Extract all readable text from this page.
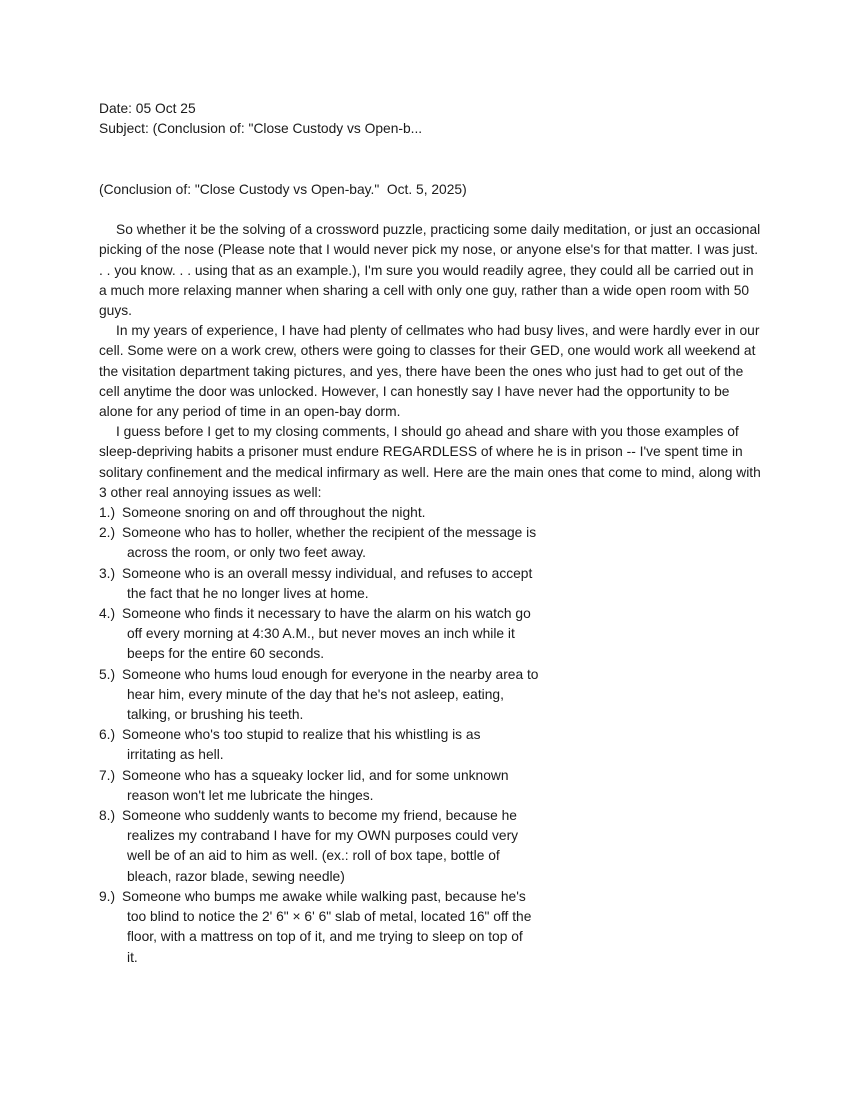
Date: 05 Oct 25
Subject: (Conclusion of: "Close Custody vs Open-b...
(Conclusion of: "Close Custody vs Open-bay."  Oct. 5, 2025)

So whether it be the solving of a crossword puzzle, practicing some daily meditation, or just an occasional picking of the nose (Please note that I would never pick my nose, or anyone else's for that matter. I was just. . . you know. . . using that as an example.), I'm sure you would readily agree, they could all be carried out in a much more relaxing manner when sharing a cell with only one guy, rather than a wide open room with 50 guys.

In my years of experience, I have had plenty of cellmates who had busy lives, and were hardly ever in our cell. Some were on a work crew, others were going to classes for their GED, one would work all weekend at the visitation department taking pictures, and yes, there have been the ones who just had to get out of the cell anytime the door was unlocked. However, I can honestly say I have never had the opportunity to be alone for any period of time in an open-bay dorm.

I guess before I get to my closing comments, I should go ahead and share with you those examples of sleep-depriving habits a prisoner must endure REGARDLESS of where he is in prison -- I've spent time in solitary confinement and the medical infirmary as well. Here are the main ones that come to mind, along with 3 other real annoying issues as well:

1.) Someone snoring on and off throughout the night.
2.) Someone who has to holler, whether the recipient of the message is
across the room, or only two feet away.
3.) Someone who is an overall messy individual, and refuses to accept
the fact that he no longer lives at home.
4.) Someone who finds it necessary to have the alarm on his watch go
off every morning at 4:30 A.M., but never moves an inch while it
beeps for the entire 60 seconds.
5.) Someone who hums loud enough for everyone in the nearby area to
hear him, every minute of the day that he's not asleep, eating,
talking, or brushing his teeth.
6.) Someone who's too stupid to realize that his whistling is as
irritating as hell.
7.) Someone who has a squeaky locker lid, and for some unknown
reason won't let me lubricate the hinges.
8.) Someone who suddenly wants to become my friend, because he
realizes my contraband I have for my OWN purposes could very
well be of an aid to him as well. (ex.: roll of box tape, bottle of
bleach, razor blade, sewing needle)
9.) Someone who bumps me awake while walking past, because he's
too blind to notice the 2' 6" × 6' 6" slab of metal, located 16" off the
floor, with a mattress on top of it, and me trying to sleep on top of
it.
